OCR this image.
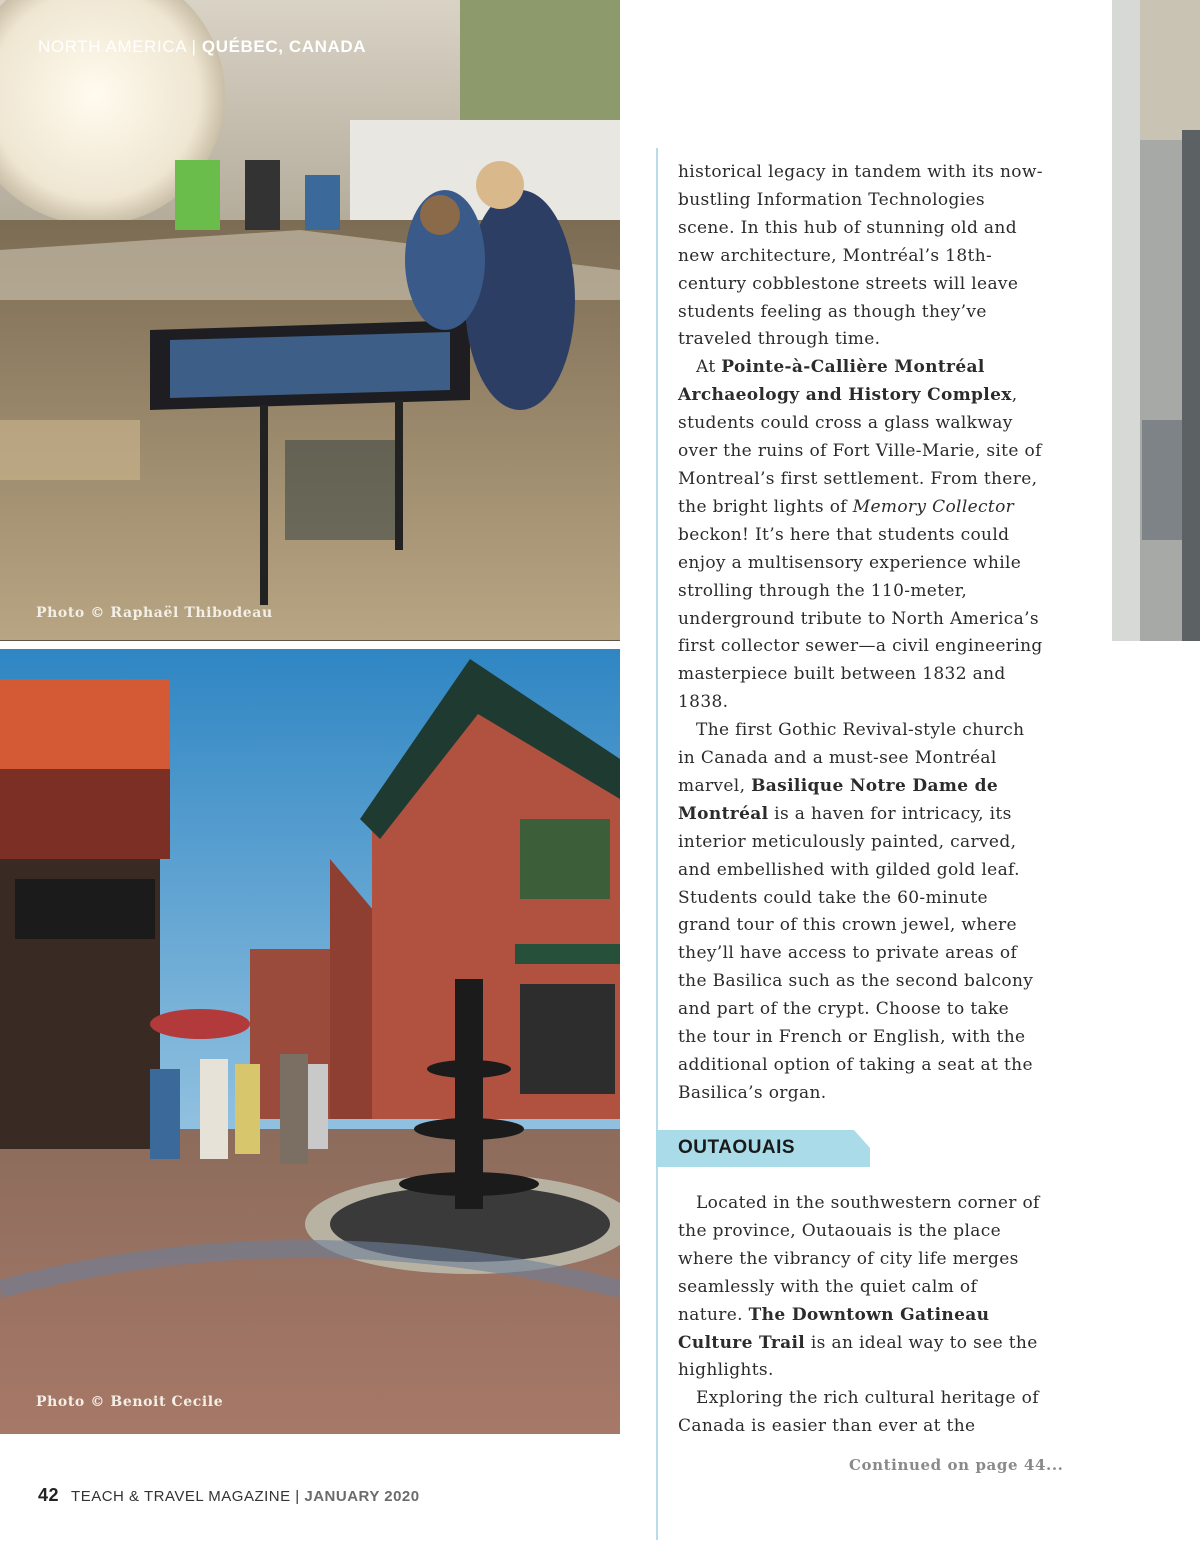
NORTH AMERICA | QUÉBEC, CANADA
Photo © Raphaël Thibodeau
Photo © Benoit Cecile

historical legacy in tandem with its now-bustling Information Technologies scene. In this hub of stunning old and new architecture, Montréal’s 18th-century cobblestone streets will leave students feeling as though they’ve traveled through time.

At Pointe-à-Callière Montréal Archaeology and History Complex, students could cross a glass walkway over the ruins of Fort Ville-Marie, site of Montreal’s first settlement. From there, the bright lights of Memory Collector beckon! It’s here that students could enjoy a multisensory experience while strolling through the 110-meter, underground tribute to North America’s first collector sewer—a civil engineering masterpiece built between 1832 and 1838.

The first Gothic Revival-style church in Canada and a must-see Montréal marvel, Basilique Notre Dame de Montréal is a haven for intricacy, its interior meticulously painted, carved, and embellished with gilded gold leaf. Students could take the 60-minute grand tour of this crown jewel, where they’ll have access to private areas of the Basilica such as the second balcony and part of the crypt. Choose to take the tour in French or English, with the additional option of taking a seat at the Basilica’s organ.

OUTAOUAIS

Located in the southwestern corner of the province, Outaouais is the place where the vibrancy of city life merges seamlessly with the quiet calm of nature. The Downtown Gatineau Culture Trail is an ideal way to see the highlights.

Exploring the rich cultural heritage of Canada is easier than ever at the

Continued on page 44...
42 TEACH & TRAVEL MAGAZINE | JANUARY 2020
